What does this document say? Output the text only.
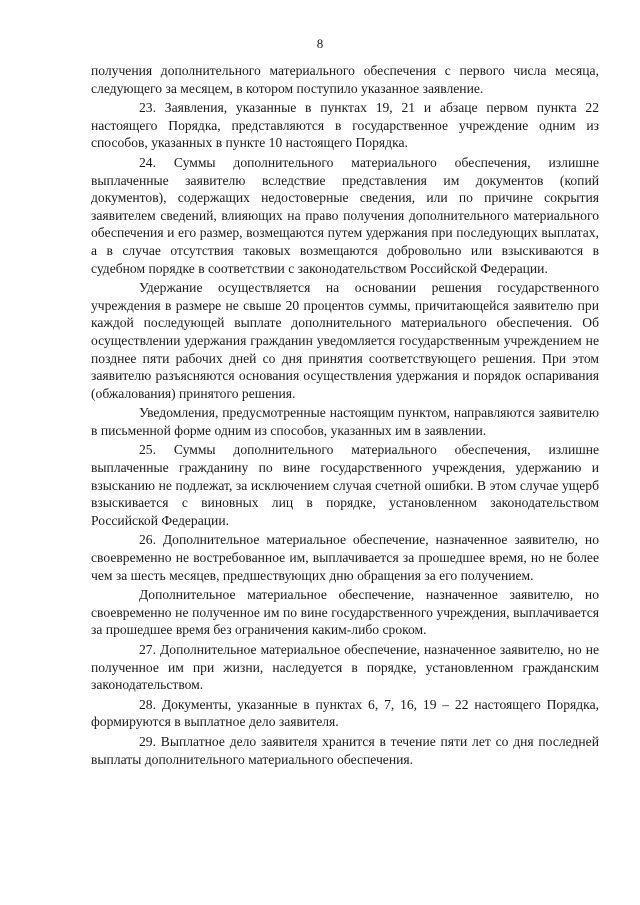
8

получения дополнительного материального обеспечения с первого числа месяца, следующего за месяцем, в котором поступило указанное заявление.

23. Заявления, указанные в пунктах 19, 21 и абзаце первом пункта 22 настоящего Порядка, представляются в государственное учреждение одним из способов, указанных в пункте 10 настоящего Порядка.

24. Суммы дополнительного материального обеспечения, излишне выплаченные заявителю вследствие представления им документов (копий документов), содержащих недостоверные сведения, или по причине сокрытия заявителем сведений, влияющих на право получения дополнительного материального обеспечения и его размер, возмещаются путем удержания при последующих выплатах, а в случае отсутствия таковых возмещаются добровольно или взыскиваются в судебном порядке в соответствии с законодательством Российской Федерации.

Удержание осуществляется на основании решения государственного учреждения в размере не свыше 20 процентов суммы, причитающейся заявителю при каждой последующей выплате дополнительного материального обеспечения. Об осуществлении удержания гражданин уведомляется государственным учреждением не позднее пяти рабочих дней со дня принятия соответствующего решения. При этом заявителю разъясняются основания осуществления удержания и порядок оспаривания (обжалования) принятого решения.

Уведомления, предусмотренные настоящим пунктом, направляются заявителю в письменной форме одним из способов, указанных им в заявлении.

25. Суммы дополнительного материального обеспечения, излишне выплаченные гражданину по вине государственного учреждения, удержанию и взысканию не подлежат, за исключением случая счетной ошибки. В этом случае ущерб взыскивается с виновных лиц в порядке, установленном законодательством Российской Федерации.

26. Дополнительное материальное обеспечение, назначенное заявителю, но своевременно не востребованное им, выплачивается за прошедшее время, но не более чем за шесть месяцев, предшествующих дню обращения за его получением.

Дополнительное материальное обеспечение, назначенное заявителю, но своевременно не полученное им по вине государственного учреждения, выплачивается за прошедшее время без ограничения каким-либо сроком.

27. Дополнительное материальное обеспечение, назначенное заявителю, но не полученное им при жизни, наследуется в порядке, установленном гражданским законодательством.

28. Документы, указанные в пунктах 6, 7, 16, 19 – 22 настоящего Порядка, формируются в выплатное дело заявителя.

29. Выплатное дело заявителя хранится в течение пяти лет со дня последней выплаты дополнительного материального обеспечения.
